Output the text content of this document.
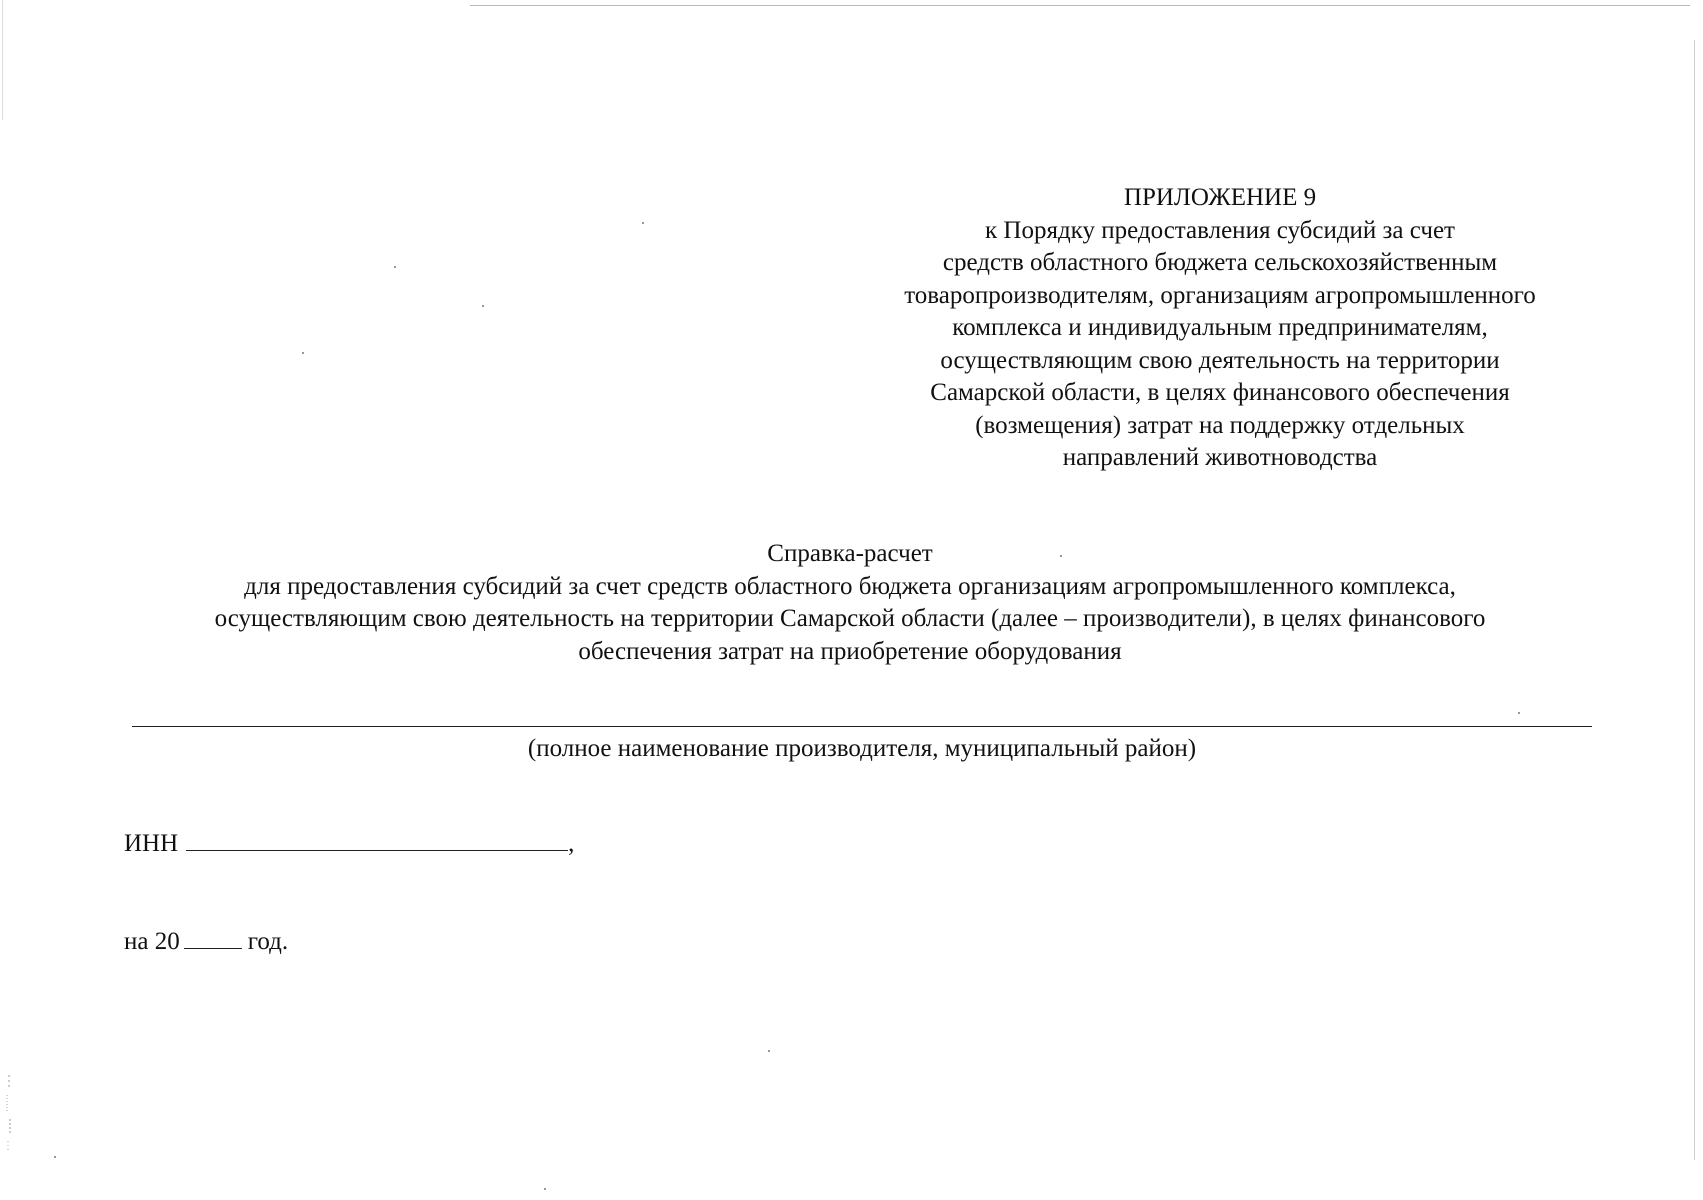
ПРИЛОЖЕНИЕ 9
к Порядку предоставления субсидий за счет
средств областного бюджета сельскохозяйственным
товаропроизводителям, организациям агропромышленного
комплекса и индивидуальным предпринимателям,
осуществляющим свою деятельность на территории
Самарской области, в целях финансового обеспечения
(возмещения) затрат на поддержку отдельных
направлений животноводства
Справка-расчет
для предоставления субсидий за счет средств областного бюджета организациям агропромышленного комплекса,
осуществляющим свою деятельность на территории Самарской области (далее – производители), в целях финансового
обеспечения затрат на приобретение оборудования
(полное наименование производителя, муниципальный район)
ИНН	,
на 20	год.
